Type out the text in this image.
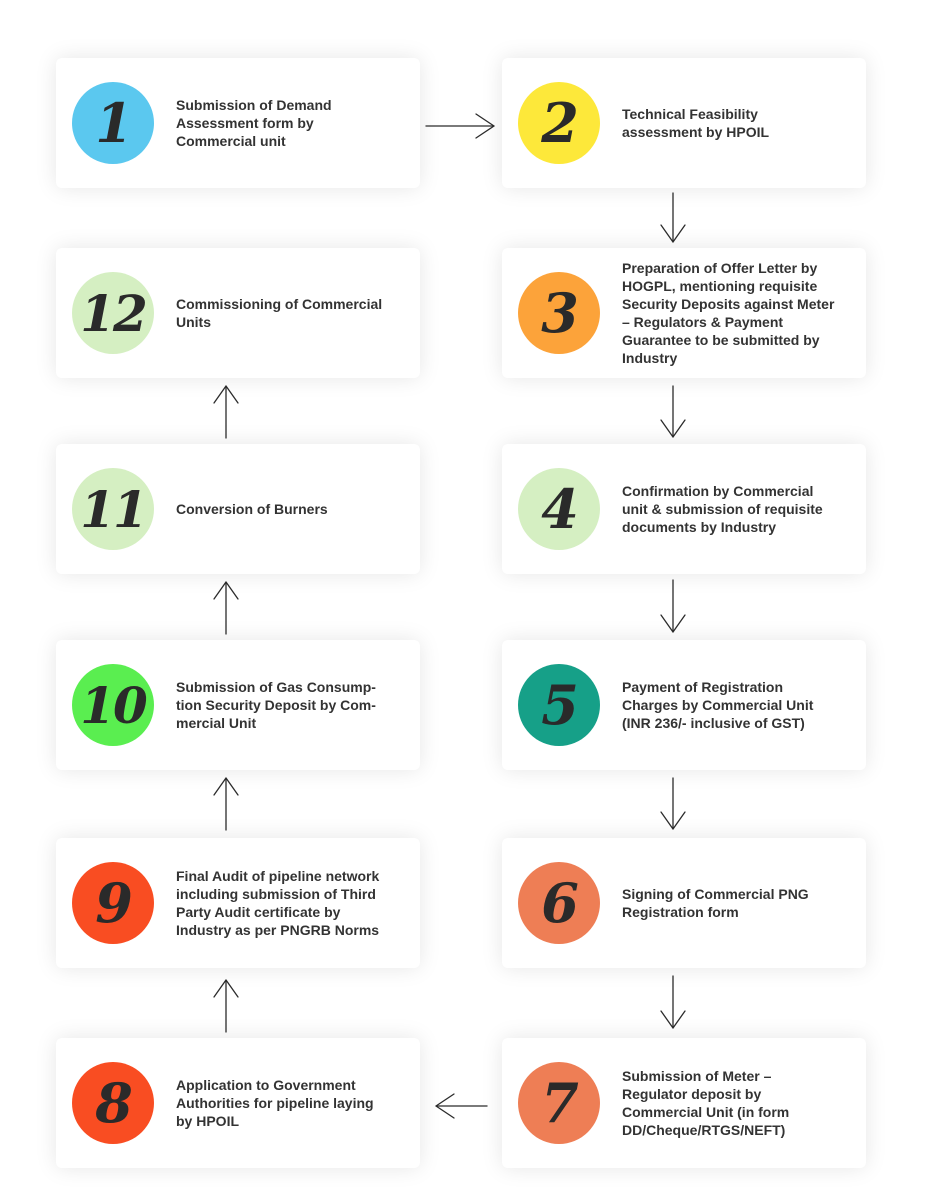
1	Submission of Demand
Assessment form by
Commercial unit	2	Technical Feasibility
assessment by HPOIL
3
Preparation of Offer Letter by
HOGPL, mentioning requisite
Security Deposits against Meter
– Regulators & Payment
Guarantee to be submitted by
Industry
4	Confirmation by Commercial
unit & submission of requisite
documents by Industry
5	Payment of Registration
Charges by Commercial Unit
(INR 236/- inclusive of GST)
6	Signing of Commercial PNG
Registration form
7	Submission of Meter –
Regulator deposit by
Commercial Unit (in form
DD/Cheque/RTGS/NEFT)
8	Application to Government
Authorities for pipeline laying
by HPOIL
9	Final Audit of pipeline network
including submission of Third
Party Audit certificate by
Industry as per PNGRB Norms
10	Submission of Gas Consump-
tion Security Deposit by Com-
mercial Unit
11	Conversion of Burners
12	Commissioning of Commercial
Units
